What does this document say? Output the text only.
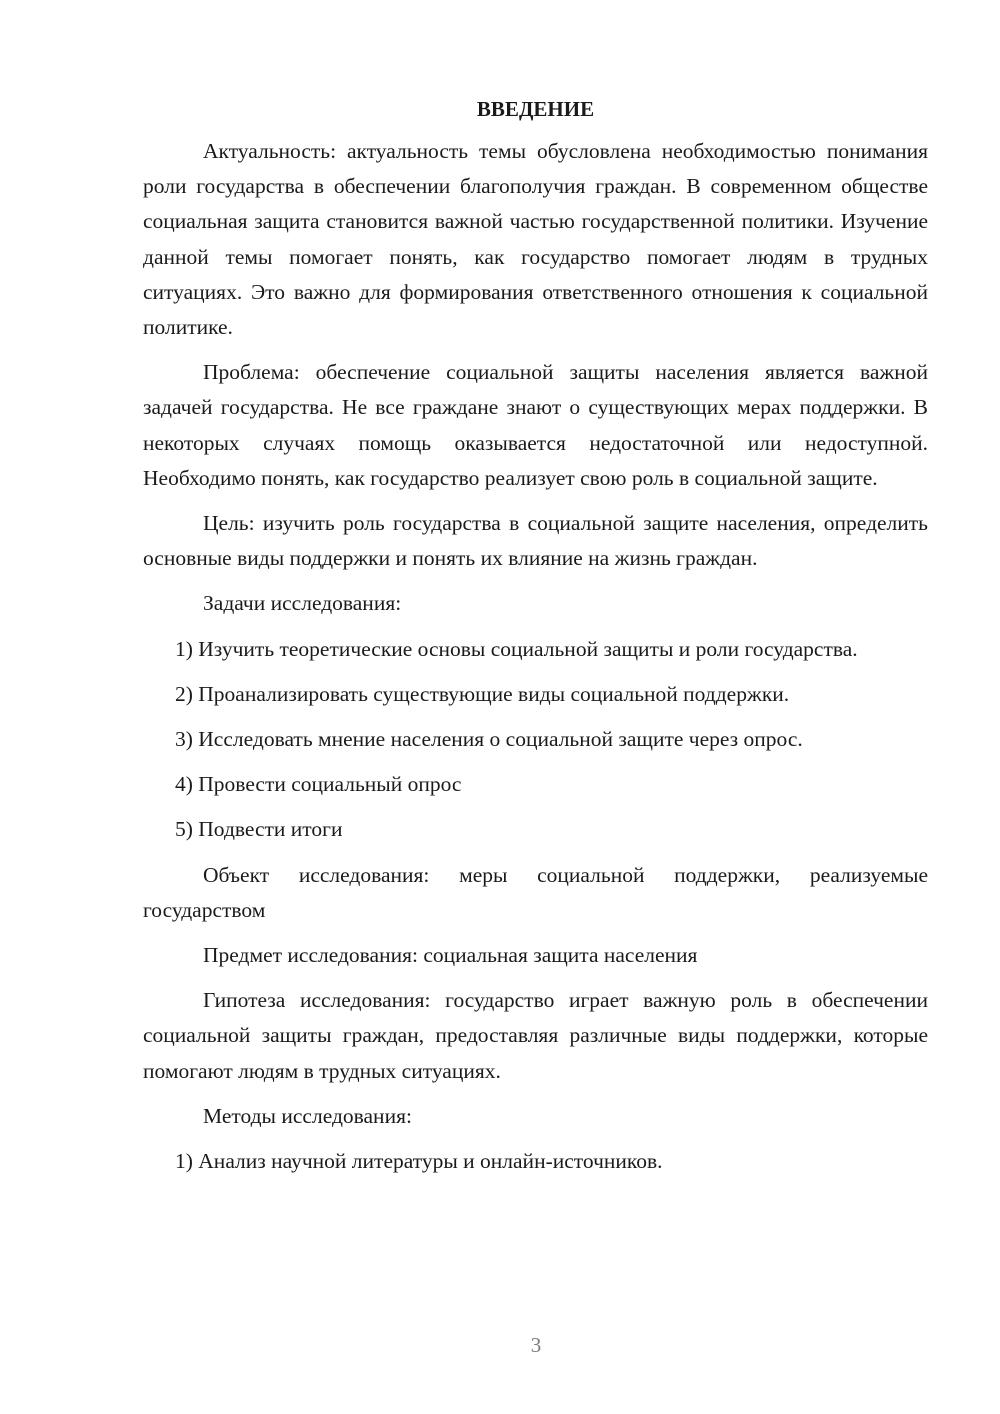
ВВЕДЕНИЕ

Актуальность: актуальность темы обусловлена необходимостью понимания роли государства в обеспечении благополучия граждан. В современном обществе социальная защита становится важной частью государственной политики. Изучение данной темы помогает понять, как государство помогает людям в трудных ситуациях. Это важно для формирования ответственного отношения к социальной политике.

Проблема: обеспечение социальной защиты населения является важной задачей государства. Не все граждане знают о существующих мерах поддержки. В некоторых случаях помощь оказывается недостаточной или недоступной. Необходимо понять, как государство реализует свою роль в социальной защите.

Цель: изучить роль государства в социальной защите населения, определить основные виды поддержки и понять их влияние на жизнь граждан.

Задачи исследования:

1) Изучить теоретические основы социальной защиты и роли государства.

2) Проанализировать существующие виды социальной поддержки.

3) Исследовать мнение населения о социальной защите через опрос.

4) Провести социальный опрос

5) Подвести итоги

Объект исследования: меры социальной поддержки, реализуемые государством

Предмет исследования: социальная защита населения

Гипотеза исследования: государство играет важную роль в обеспечении социальной защиты граждан, предоставляя различные виды поддержки, которые помогают людям в трудных ситуациях.

Методы исследования:

1) Анализ научной литературы и онлайн-источников.

3
